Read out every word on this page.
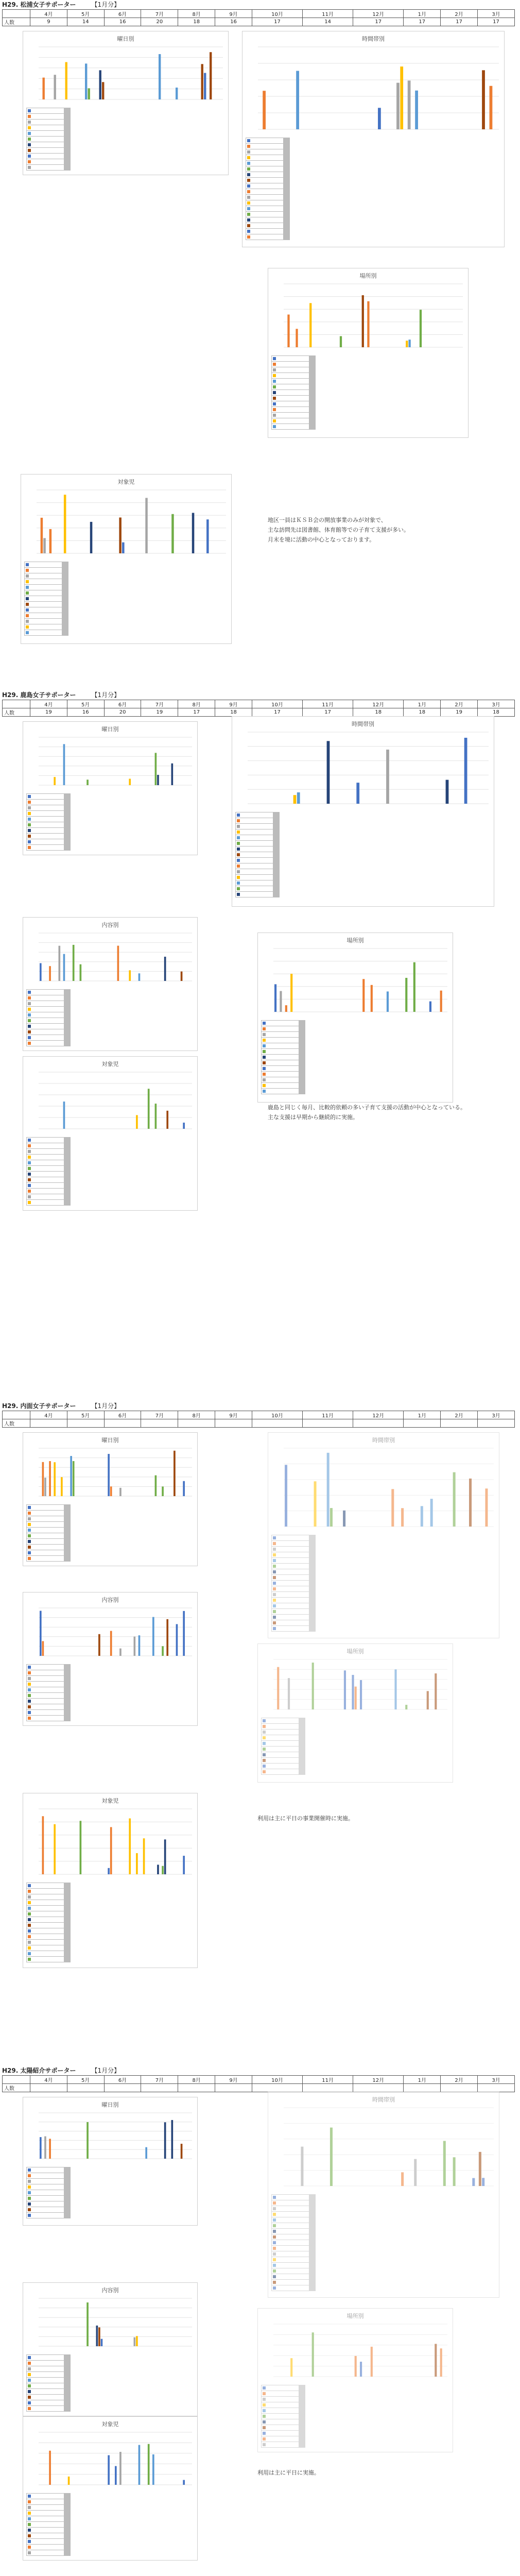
H29. 松浦女子サポーター	【1月分】
	4月	5月	6月	7月	8月	9月	10月	11月	12月	1月	2月	3月
人数	9	14	16	20	18	16	17	14	17	17	17	17
曜日別

													時間帯別

場所別

対象児

地区一員はＫＳＢ会の開放事業のみが対象で、
主な訪問先は図書館、体育館等での子育て支援が多い。
月末を境に活動の中心となっております。

H29. 鹿島女子サポーター	【1月分】
	4月	5月	6月	7月	8月	9月	10月	11月	12月	1月	2月	3月
人数	19	16	20	19	17	18	17	17	18	18	19	18
曜日別

時間帯別

内容別

場所別

対象児

鹿島と同じく毎月、比較的依頼の多い子育て支援の活動が中心となっている。
主な支援は早期から継続的に実施。

H29. 内面女子サポーター	【1月分】
	4月	5月	6月	7月	8月	9月	10月	11月	12月	1月	2月	3月
人数												
曜日別

													時間帯別

内容別

場所別

対象児

利用は主に平日の事業開催時に実施。

H29. 太陽紹介サポーター	【1月分】
	4月	5月	6月	7月	8月	9月	10月	11月	12月	1月	2月	3月
人数												
曜日別

時間帯別

内容別

場所別

対象児

利用は主に平日に実施。
